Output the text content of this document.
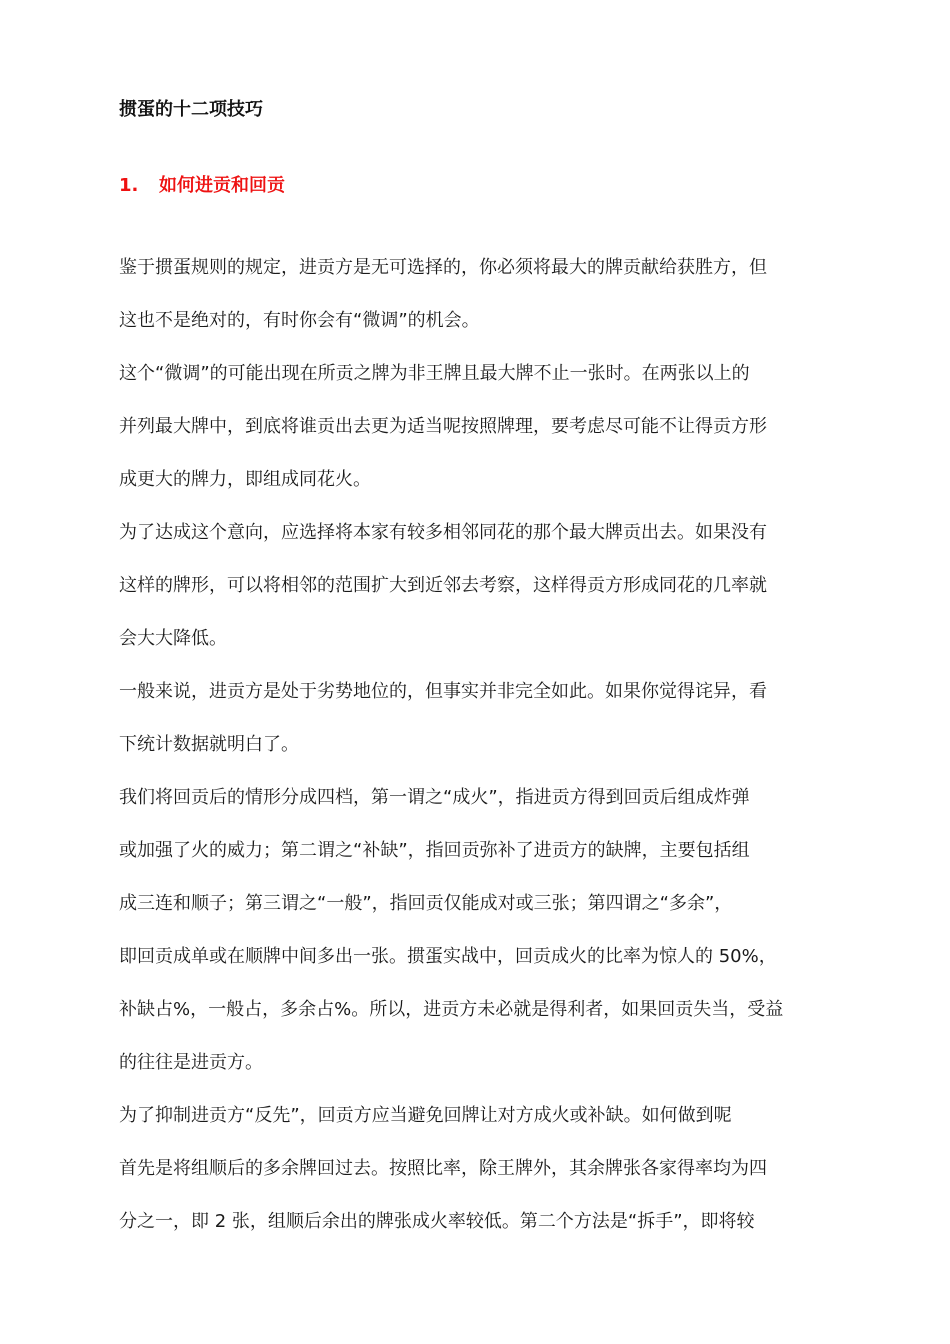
掼蛋的十二项技巧
1. 如何进贡和回贡
鉴于掼蛋规则的规定，进贡方是无可选择的，你必须将最大的牌贡献给获胜方，但
这也不是绝对的，有时你会有“微调”的机会。
这个“微调”的可能出现在所贡之牌为非王牌且最大牌不止一张时。在两张以上的
并列最大牌中，到底将谁贡出去更为适当呢按照牌理，要考虑尽可能不让得贡方形
成更大的牌力，即组成同花火。
为了达成这个意向，应选择将本家有较多相邻同花的那个最大牌贡出去。如果没有
这样的牌形，可以将相邻的范围扩大到近邻去考察，这样得贡方形成同花的几率就
会大大降低。
一般来说，进贡方是处于劣势地位的，但事实并非完全如此。如果你觉得诧异，看
下统计数据就明白了。
我们将回贡后的情形分成四档，第一谓之“成火”，指进贡方得到回贡后组成炸弹
或加强了火的威力；第二谓之“补缺”，指回贡弥补了进贡方的缺牌，主要包括组
成三连和顺子；第三谓之“一般”，指回贡仅能成对或三张；第四谓之“多余”，
即回贡成单或在顺牌中间多出一张。掼蛋实战中，回贡成火的比率为惊人的 50%，
补缺占%，一般占，多余占%。所以，进贡方未必就是得利者，如果回贡失当，受益
的往往是进贡方。
为了抑制进贡方“反先”，回贡方应当避免回牌让对方成火或补缺。如何做到呢
首先是将组顺后的多余牌回过去。按照比率，除王牌外，其余牌张各家得率均为四
分之一，即 2 张，组顺后余出的牌张成火率较低。第二个方法是“拆手”，即将较
